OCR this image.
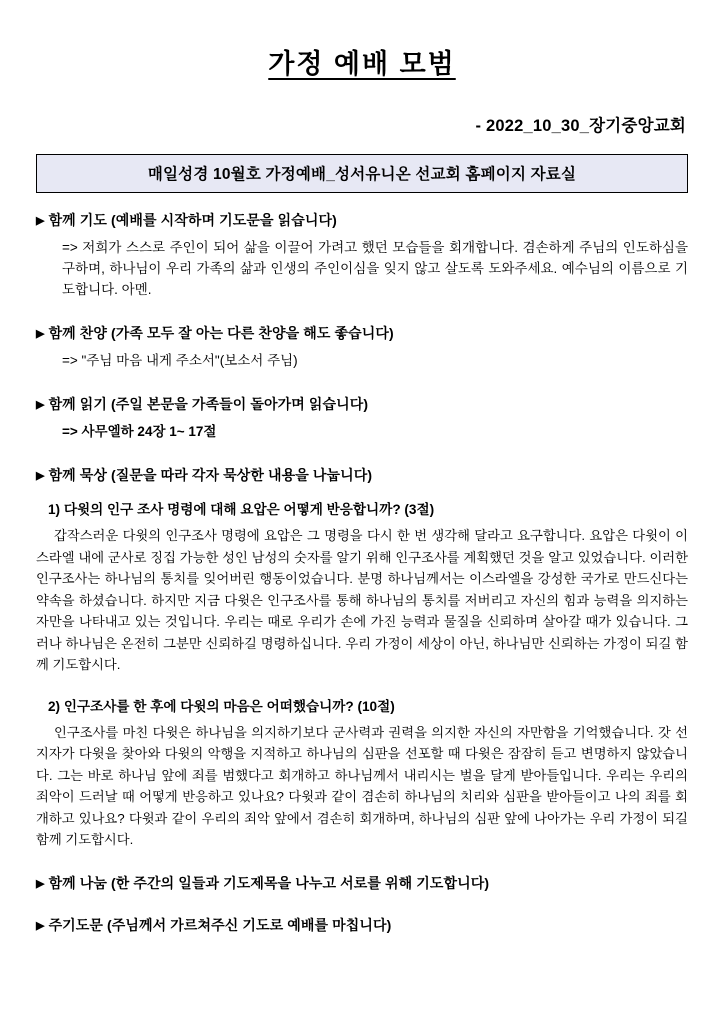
가정 예배 모범
- 2022_10_30_장기중앙교회
매일성경 10월호 가정예배_성서유니온 선교회 홈페이지 자료실
▶ 함께 기도 (예배를 시작하며 기도문을 읽습니다)
=> 저희가 스스로 주인이 되어 삶을 이끌어 가려고 했던 모습들을 회개합니다. 겸손하게 주님의 인도하심을 구하며, 하나님이 우리 가족의 삶과 인생의 주인이심을 잊지 않고 살도록 도와주세요. 예수님의 이름으로 기도합니다. 아멘.
▶ 함께 찬양 (가족 모두 잘 아는 다른 찬양을 해도 좋습니다)
=> "주님 마음 내게 주소서"(보소서 주님)
▶ 함께 읽기 (주일 본문을 가족들이 돌아가며 읽습니다)
=> 사무엘하 24장 1~ 17절
▶ 함께 묵상 (질문을 따라 각자 묵상한 내용을 나눕니다)
1) 다윗의 인구 조사 명령에 대해 요압은 어떻게 반응합니까? (3절)
갑작스러운 다윗의 인구조사 명령에 요압은 그 명령을 다시 한 번 생각해 달라고 요구합니다. 요압은 다윗이 이스라엘 내에 군사로 징집 가능한 성인 남성의 숫자를 알기 위해 인구조사를 계획했던 것을 알고 있었습니다. 이러한 인구조사는 하나님의 통치를 잊어버린 행동이었습니다. 분명 하나님께서는 이스라엘을 강성한 국가로 만드신다는 약속을 하셨습니다. 하지만 지금 다윗은 인구조사를 통해 하나님의 통치를 저버리고 자신의 힘과 능력을 의지하는 자만을 나타내고 있는 것입니다. 우리는 때로 우리가 손에 가진 능력과 물질을 신뢰하며 살아갈 때가 있습니다. 그러나 하나님은 온전히 그분만 신뢰하길 명령하십니다. 우리 가정이 세상이 아닌, 하나님만 신뢰하는 가정이 되길 함께 기도합시다.
2) 인구조사를 한 후에 다윗의 마음은 어떠했습니까? (10절)
인구조사를 마친 다윗은 하나님을 의지하기보다 군사력과 권력을 의지한 자신의 자만함을 기억했습니다. 갓 선지자가 다윗을 찾아와 다윗의 악행을 지적하고 하나님의 심판을 선포할 때 다윗은 잠잠히 듣고 변명하지 않았습니다. 그는 바로 하나님 앞에 죄를 범했다고 회개하고 하나님께서 내리시는 벌을 달게 받아들입니다. 우리는 우리의 죄악이 드러날 때 어떻게 반응하고 있나요? 다윗과 같이 겸손히 하나님의 치리와 심판을 받아들이고 나의 죄를 회개하고 있나요? 다윗과 같이 우리의 죄악 앞에서 겸손히 회개하며, 하나님의 심판 앞에 나아가는 우리 가정이 되길 함께 기도합시다.
▶ 함께 나눔 (한 주간의 일들과 기도제목을 나누고 서로를 위해 기도합니다)
▶ 주기도문 (주님께서 가르쳐주신 기도로 예배를 마칩니다)
